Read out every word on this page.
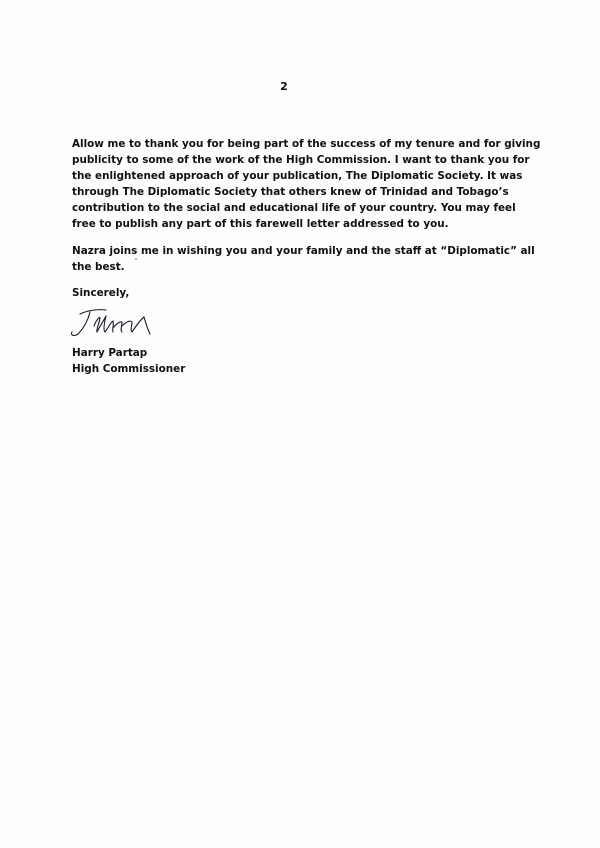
2

Allow me to thank you for being part of the success of my tenure and for giving publicity to some of the work of the High Commission. I want to thank you for the enlightened approach of your publication, The Diplomatic Society. It was through The Diplomatic Society that others knew of Trinidad and Tobago’s contribution to the social and educational life of your country. You may feel free to publish any part of this farewell letter addressed to you.

Nazra joins me in wishing you and your family and the staff at “Diplomatic” all the best.

Sincerely,

Harry Partap
High Commissioner
